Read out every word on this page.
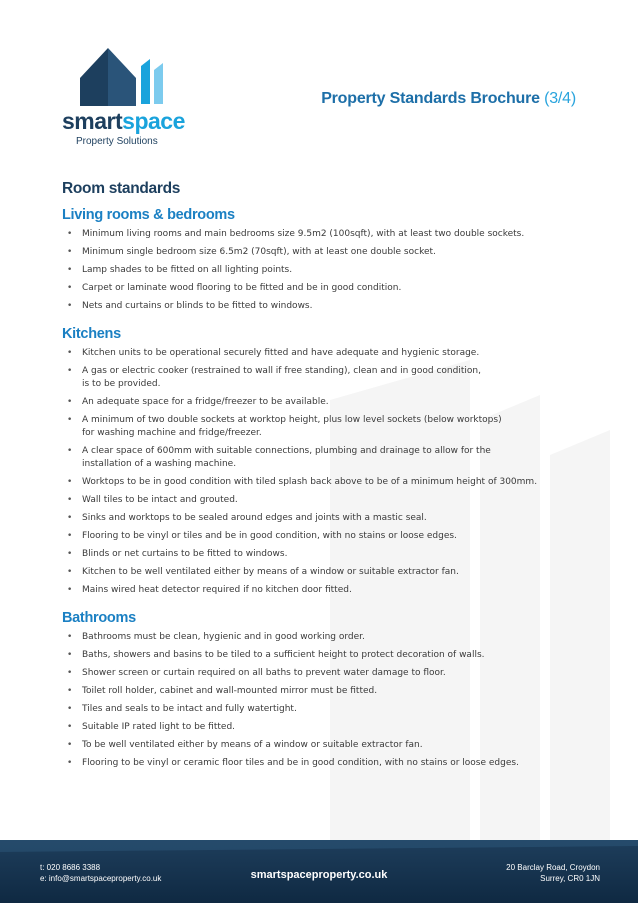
smartspace
Property Solutions
Property Standards Brochure (3/4)
Room standards
Living rooms & bedrooms
• Minimum living rooms and main bedrooms size 9.5m2 (100sqft), with at least two double sockets.
• Minimum single bedroom size 6.5m2 (70sqft), with at least one double socket.
• Lamp shades to be fitted on all lighting points.
• Carpet or laminate wood flooring to be fitted and be in good condition.
• Nets and curtains or blinds to be fitted to windows.
Kitchens
• Kitchen units to be operational securely fitted and have adequate and hygienic storage.
• A gas or electric cooker (restrained to wall if free standing), clean and in good condition,
is to be provided.
• An adequate space for a fridge/freezer to be available.
• A minimum of two double sockets at worktop height, plus low level sockets (below worktops)
for washing machine and fridge/freezer.
• A clear space of 600mm with suitable connections, plumbing and drainage to allow for the
installation of a washing machine.
• Worktops to be in good condition with tiled splash back above to be of a minimum height of 300mm.
• Wall tiles to be intact and grouted.
• Sinks and worktops to be sealed around edges and joints with a mastic seal.
• Flooring to be vinyl or tiles and be in good condition, with no stains or loose edges.
• Blinds or net curtains to be fitted to windows.
• Kitchen to be well ventilated either by means of a window or suitable extractor fan.
• Mains wired heat detector required if no kitchen door fitted.
Bathrooms
• Bathrooms must be clean, hygienic and in good working order.
• Baths, showers and basins to be tiled to a sufficient height to protect decoration of walls.
• Shower screen or curtain required on all baths to prevent water damage to floor.
• Toilet roll holder, cabinet and wall-mounted mirror must be fitted.
• Tiles and seals to be intact and fully watertight.
• Suitable IP rated light to be fitted.
• To be well ventilated either by means of a window or suitable extractor fan.
• Flooring to be vinyl or ceramic floor tiles and be in good condition, with no stains or loose edges.
t: 020 8686 3388
e: info@smartspaceproperty.co.uk	smartspaceproperty.co.uk
20 Barclay Road, Croydon
Surrey, CR0 1JN
